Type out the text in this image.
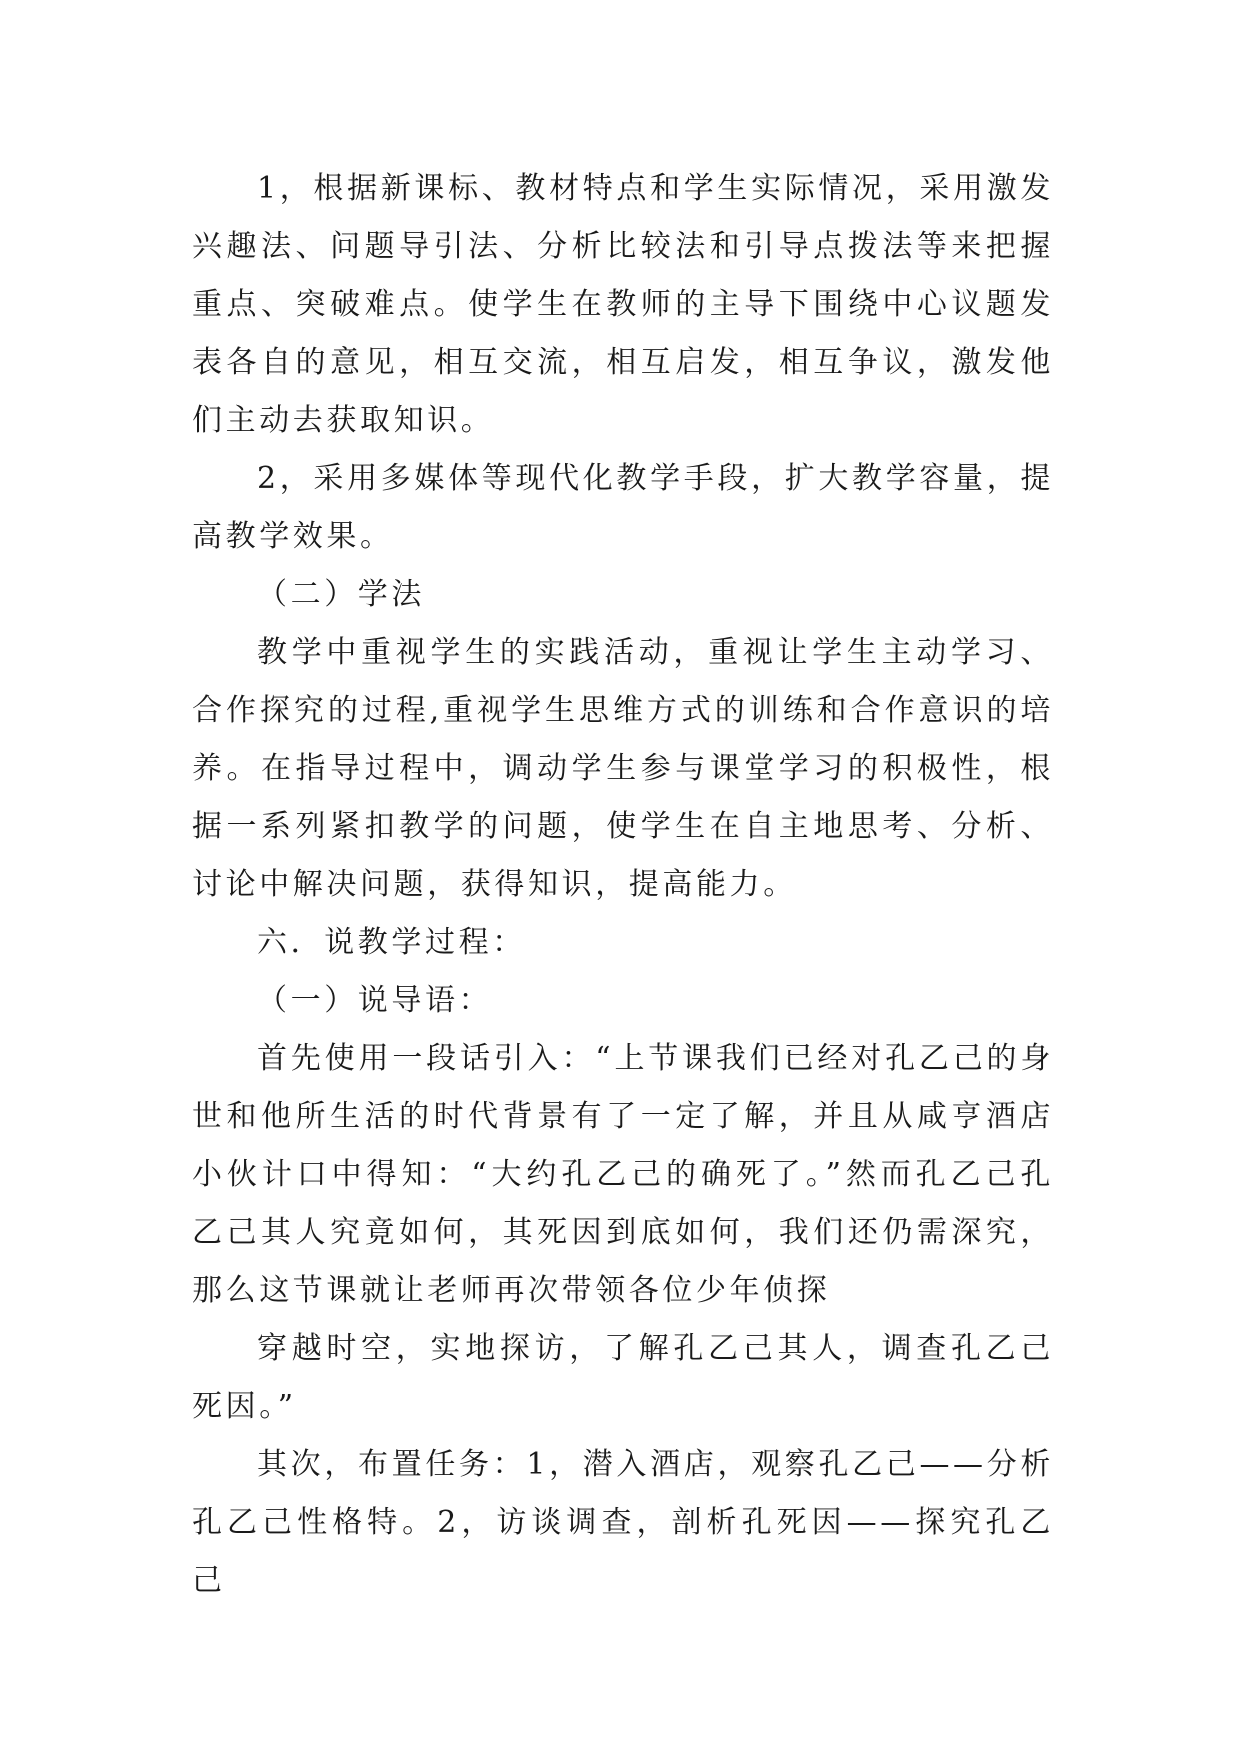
1，根据新课标、教材特点和学生实际情况，采用激发兴趣法、问题导引法、分析比较法和引导点拨法等来把握重点、突破难点。使学生在教师的主导下围绕中心议题发表各自的意见，相互交流，相互启发，相互争议，激发他们主动去获取知识。

2，采用多媒体等现代化教学手段，扩大教学容量，提高教学效果。

（二）学法

教学中重视学生的实践活动，重视让学生主动学习、合作探究的过程,重视学生思维方式的训练和合作意识的培养。在指导过程中，调动学生参与课堂学习的积极性，根据一系列紧扣教学的问题，使学生在自主地思考、分析、讨论中解决问题，获得知识，提高能力。

六．说教学过程：

（一）说导语：

首先使用一段话引入：“上节课我们已经对孔乙己的身世和他所生活的时代背景有了一定了解，并且从咸亨酒店小伙计口中得知：“大约孔乙己的确死了。”然而孔乙己孔乙己其人究竟如何，其死因到底如何，我们还仍需深究，那么这节课就让老师再次带领各位少年侦探

穿越时空，实地探访，了解孔乙己其人，调查孔乙己死因。”

其次，布置任务：1，潜入酒店，观察孔乙己——分析孔乙己性格特。2，访谈调查，剖析孔死因——探究孔乙己
